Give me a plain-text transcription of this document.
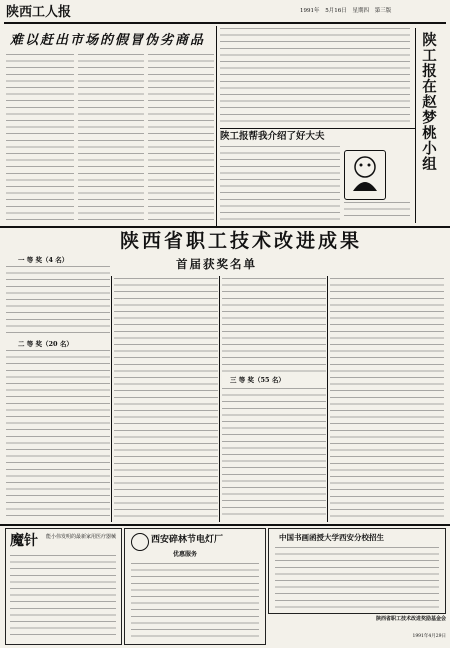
陕西工人报	1991年 5月16日 星期四 第三版
难以赶出市场的假冒伪劣商品	陕工报在赵梦桃小组
陕工报帮我介绍了好大夫
陕西省职工技术改进成果
首届获奖名单
一 等 奖（4 名）
二 等 奖（20 名）
三 等 奖（55 名）
魔针 能小伟发明的最新家用医疗器械	西安碎林节电灯厂
优惠服务
中国书画函授大学西安分校招生
陕西省职工技术改进奖励基金会
1991年4月29日
